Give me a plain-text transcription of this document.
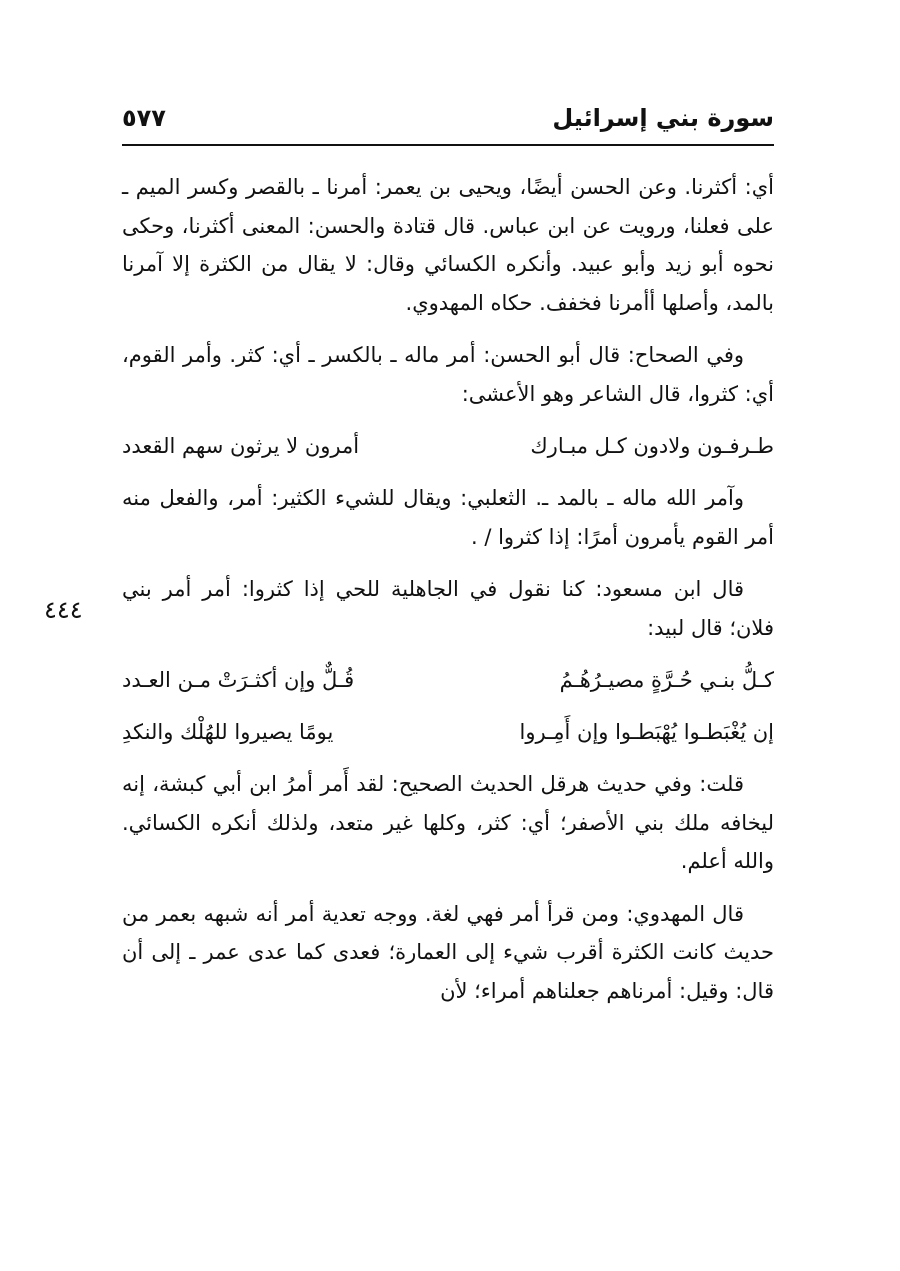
٥٧٧	سورة بني إسرائيل
٤٤٤

أي: أكثرنا. وعن الحسن أيضًا، ويحيى بن يعمر: أمرنا ـ بالقصر وكسر الميم ـ على فعلنا، ورويت عن ابن عباس. قال قتادة والحسن: المعنى أكثرنا، وحكى نحوه أبو زيد وأبو عبيد. وأنكره الكسائي وقال: لا يقال من الكثرة إلا آمرنا بالمد، وأصلها أأمرنا فخفف. حكاه المهدوي.

وفي الصحاح: قال أبو الحسن: أمر ماله ـ بالكسر ـ أي: كثر. وأمر القوم، أي: كثروا، قال الشاعر وهو الأعشى:

طـرفـون ولادون كـل مبـارك
أمرون لا يرثون سهم القعدد

وآمر الله ماله ـ بالمد ـ. الثعلبي: ويقال للشيء الكثير: أمر، والفعل منه أمر القوم يأمرون أمرًا: إذا كثروا / .

قال ابن مسعود: كنا نقول في الجاهلية للحي إذا كثروا: أمر أمر بني فلان؛ قال لبيد:

كـلُّ بنـي حُـرَّةٍ مصيـرُهُـمُ
قُـلٌّ وإن أكثـرَتْ مـن العـدد
إن يُغْبَطـوا يُهْبَطـوا وإن أَمِـروا
يومًا يصيروا للهُلْك والنكدِ

قلت: وفي حديث هرقل الحديث الصحيح: لقد أَمر أمرُ ابن أبي كبشة، إنه ليخافه ملك بني الأصفر؛ أي: كثر، وكلها غير متعد، ولذلك أنكره الكسائي. والله أعلم.

قال المهدوي: ومن قرأ أمر فهي لغة. ووجه تعدية أمر أنه شبهه بعمر من حديث كانت الكثرة أقرب شيء إلى العمارة؛ فعدى كما عدى عمر ـ إلى أن قال: وقيل: أمرناهم جعلناهم أمراء؛ لأن
